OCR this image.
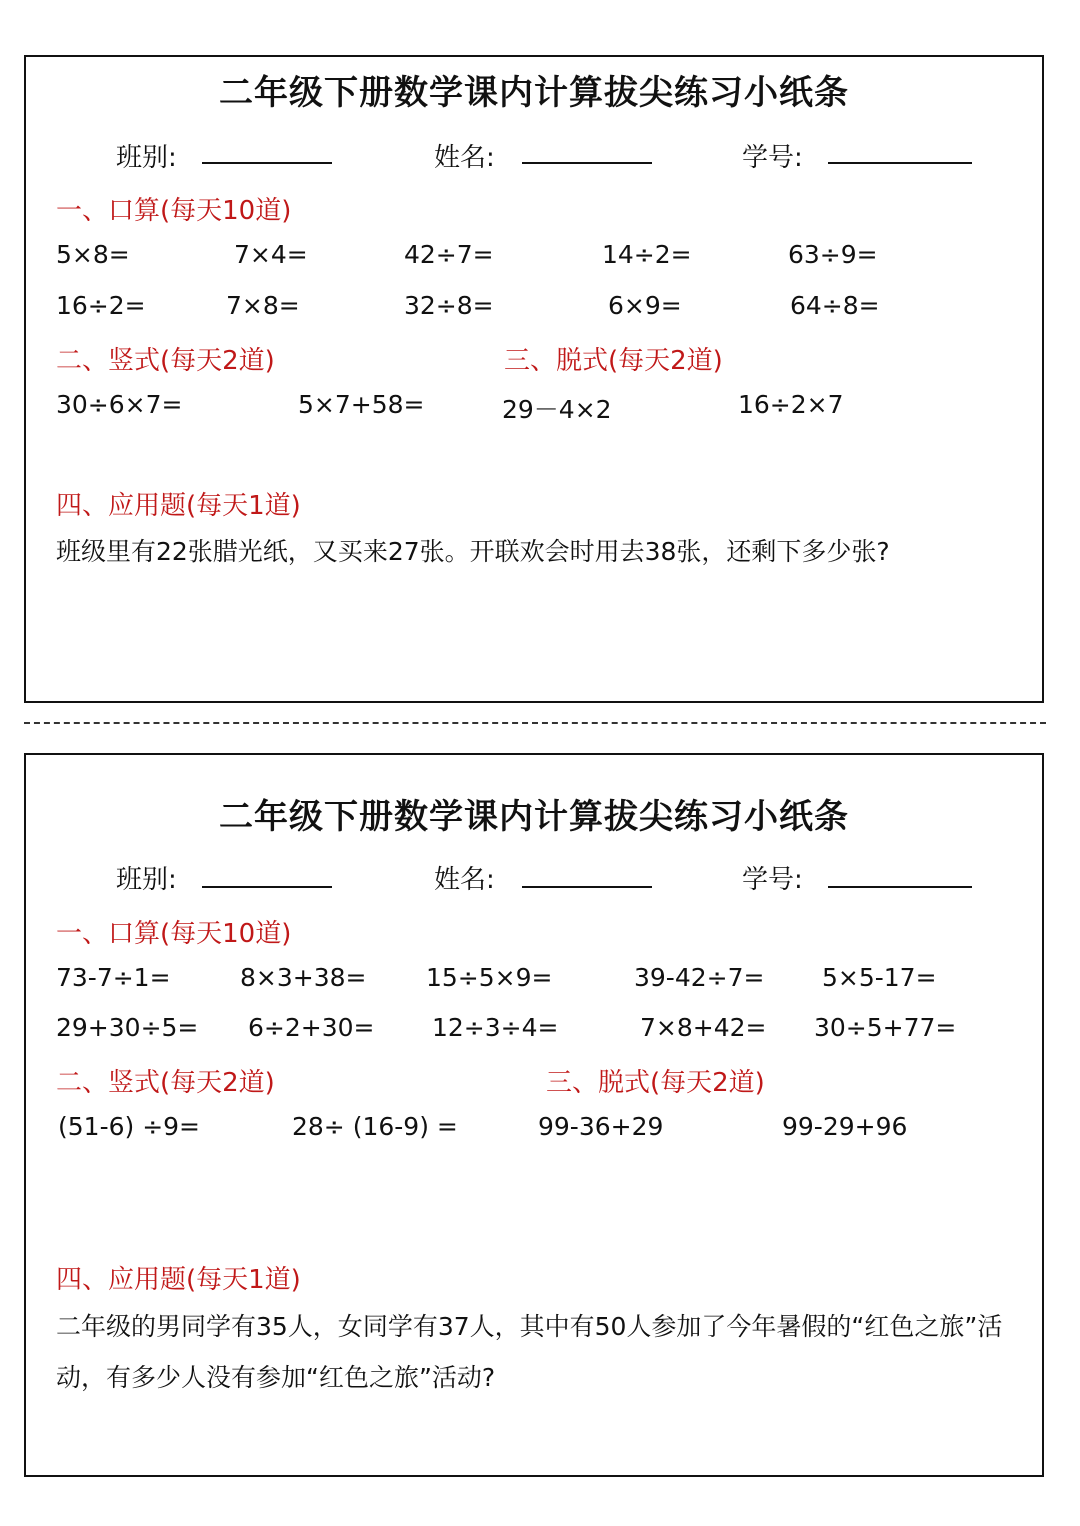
二年级下册数学课内计算拔尖练习小纸条
班别:	姓名:	学号:
一、口算(每天10道)
5×8=	7×4=	42÷7=	14÷2=	63÷9=
16÷2=	7×8=	32÷8=	6×9=	64÷8=
二、竖式(每天2道)	三、脱式(每天2道)
30÷6×7=	5×7+58=	29－4×2	16÷2×7
四、应用题(每天1道)
班级里有22张腊光纸，又买来27张。开联欢会时用去38张，还剩下多少张?
二年级下册数学课内计算拔尖练习小纸条
班别:	姓名:	学号:
一、口算(每天10道)
73-7÷1=	8×3+38= 15÷5×9=	39-42÷7= 5×5-17=
29+30÷5= 6÷2+30= 12÷3÷4=	7×8+42= 30÷5+77=
二、竖式(每天2道)	三、脱式(每天2道)
(51-6) ÷9=	28÷ (16-9) =	99-36+29	99-29+96
四、应用题(每天1道)
二年级的男同学有35人，女同学有37人，其中有50人参加了今年暑假的“红色之旅”活动，有多少人没有参加“红色之旅”活动?
